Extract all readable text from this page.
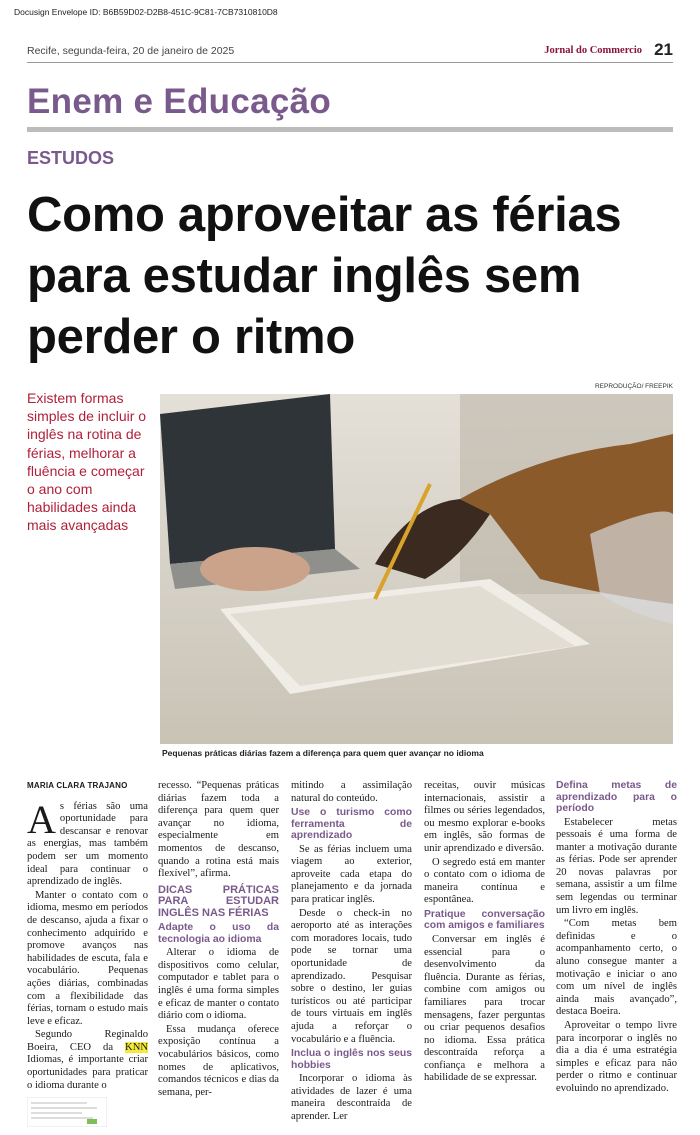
Docusign Envelope ID: B6B59D02-D2B8-451C-9C81-7CB7310810D8
Recife, segunda-feira, 20 de janeiro de 2025	Jornal do Commercio 21
Enem e Educação
ESTUDOS
Como aproveitar as férias para estudar inglês sem perder o ritmo
Existem formas simples de incluir o inglês na rotina de férias, melhorar a fluência e começar o ano com habilidades ainda mais avançadas
REPRODUÇÃO/ FREEPIK
Pequenas práticas diárias fazem a diferença para quem quer avançar no idioma
MARIA CLARA TRAJANO

As férias são uma oportunidade para descansar e renovar as energias, mas também podem ser um momento ideal para continuar o aprendizado de inglês.

Manter o contato com o idioma, mesmo em períodos de descanso, ajuda a fixar o conhecimento adquirido e promove avanços nas habilidades de escuta, fala e vocabulário. Pequenas ações diárias, combinadas com a flexibilidade das férias, tornam o estudo mais leve e eficaz.

Segundo Reginaldo Boeira, CEO da KNN Idiomas, é importante criar oportunidades para praticar o idioma durante o

recesso. “Pequenas práticas diárias fazem toda a diferença para quem quer avançar no idioma, especialmente em momentos de descanso, quando a rotina está mais flexível”, afirma.

DICAS PRÁTICAS PARA ESTUDAR INGLÊS NAS FÉRIAS
Adapte o uso da tecnologia ao idioma

Alterar o idioma de dispositivos como celular, computador e tablet para o inglês é uma forma simples e eficaz de manter o contato diário com o idioma.

Essa mudança oferece exposição contínua a vocabulários básicos, como nomes de aplicativos, comandos técnicos e dias da semana, per-

mitindo a assimilação natural do conteúdo.

Use o turismo como ferramenta de aprendizado

Se as férias incluem uma viagem ao exterior, aproveite cada etapa do planejamento e da jornada para praticar inglês.

Desde o check-in no aeroporto até as interações com moradores locais, tudo pode se tornar uma oportunidade de aprendizado. Pesquisar sobre o destino, ler guias turísticos ou até participar de tours virtuais em inglês ajuda a reforçar o vocabulário e a fluência.

Inclua o inglês nos seus hobbies

Incorporar o idioma às atividades de lazer é uma maneira descontraída de aprender. Ler

receitas, ouvir músicas internacionais, assistir a filmes ou séries legendados, ou mesmo explorar e-books em inglês, são formas de unir aprendizado e diversão.

O segredo está em manter o contato com o idioma de maneira contínua e espontânea.

Pratique conversação com amigos e familiares

Conversar em inglês é essencial para o desenvolvimento da fluência. Durante as férias, combine com amigos ou familiares para trocar mensagens, fazer perguntas ou criar pequenos desafios no idioma. Essa prática descontraída reforça a confiança e melhora a habilidade de se expressar.

Defina metas de aprendizado para o período

Estabelecer metas pessoais é uma forma de manter a motivação durante as férias. Pode ser aprender 20 novas palavras por semana, assistir a um filme sem legendas ou terminar um livro em inglês.

“Com metas bem definidas e o acompanhamento certo, o aluno consegue manter a motivação e iniciar o ano com um nível de inglês ainda mais avançado”, destaca Boeira.

Aproveitar o tempo livre para incorporar o inglês no dia a dia é uma estratégia simples e eficaz para não perder o ritmo e continuar evoluindo no aprendizado.
